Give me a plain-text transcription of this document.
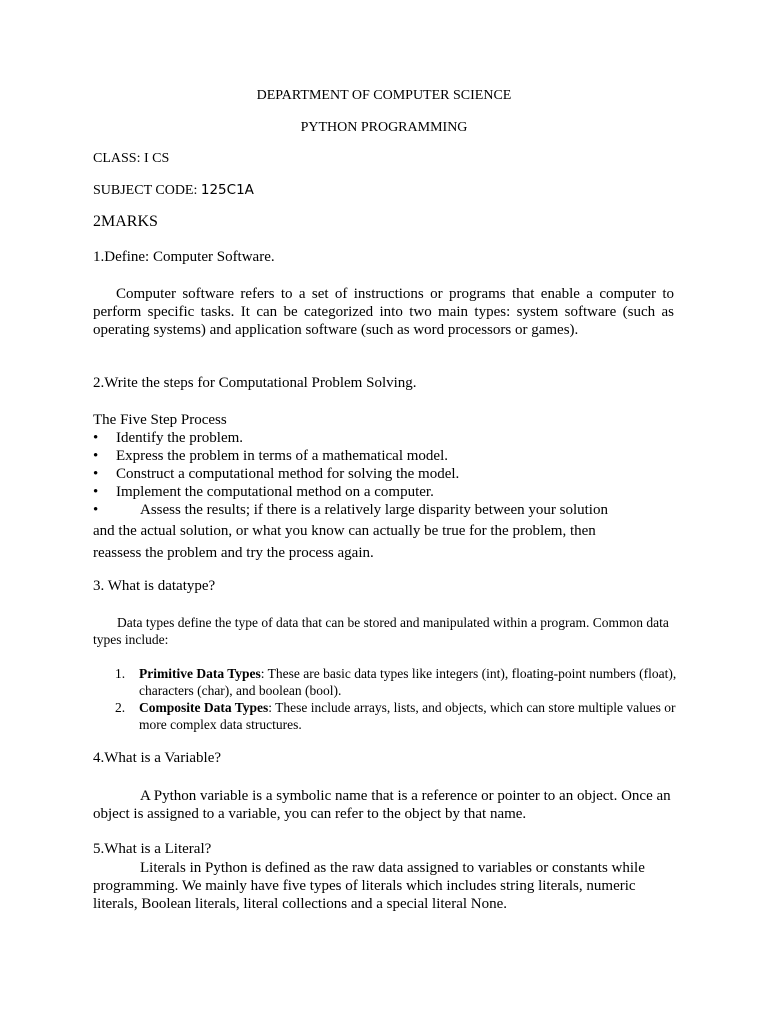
DEPARTMENT OF COMPUTER SCIENCE

PYTHON PROGRAMMING

CLASS: I CS

SUBJECT CODE: 125C1A

2MARKS

1.Define: Computer Software.

Computer software refers to a set of instructions or programs that enable a computer to perform specific tasks. It can be categorized into two main types: system software (such as operating systems) and application software (such as word processors or games).

2.Write the steps for Computational Problem Solving.

The Five Step Process

• Identify the problem.

• Express the problem in terms of a mathematical model.

• Construct a computational method for solving the model.

• Implement the computational method on a computer.

•	Assess the results; if there is a relatively large disparity between your solution

and the actual solution, or what you know can actually be true for the problem, then

reassess the problem and try the process again.

3. What is datatype?

Data types define the type of data that can be stored and manipulated within a program. Common data types include:

1. Primitive Data Types: These are basic data types like integers (int), floating-point numbers (float), characters (char), and boolean (bool).
2. Composite Data Types: These include arrays, lists, and objects, which can store multiple values or more complex data structures.

4.What is a Variable?

A Python variable is a symbolic name that is a reference or pointer to an object. Once an object is assigned to a variable, you can refer to the object by that name.

5.What is a Literal?

Literals in Python is defined as the raw data assigned to variables or constants while programming. We mainly have five types of literals which includes string literals, numeric literals, Boolean literals, literal collections and a special literal None.
